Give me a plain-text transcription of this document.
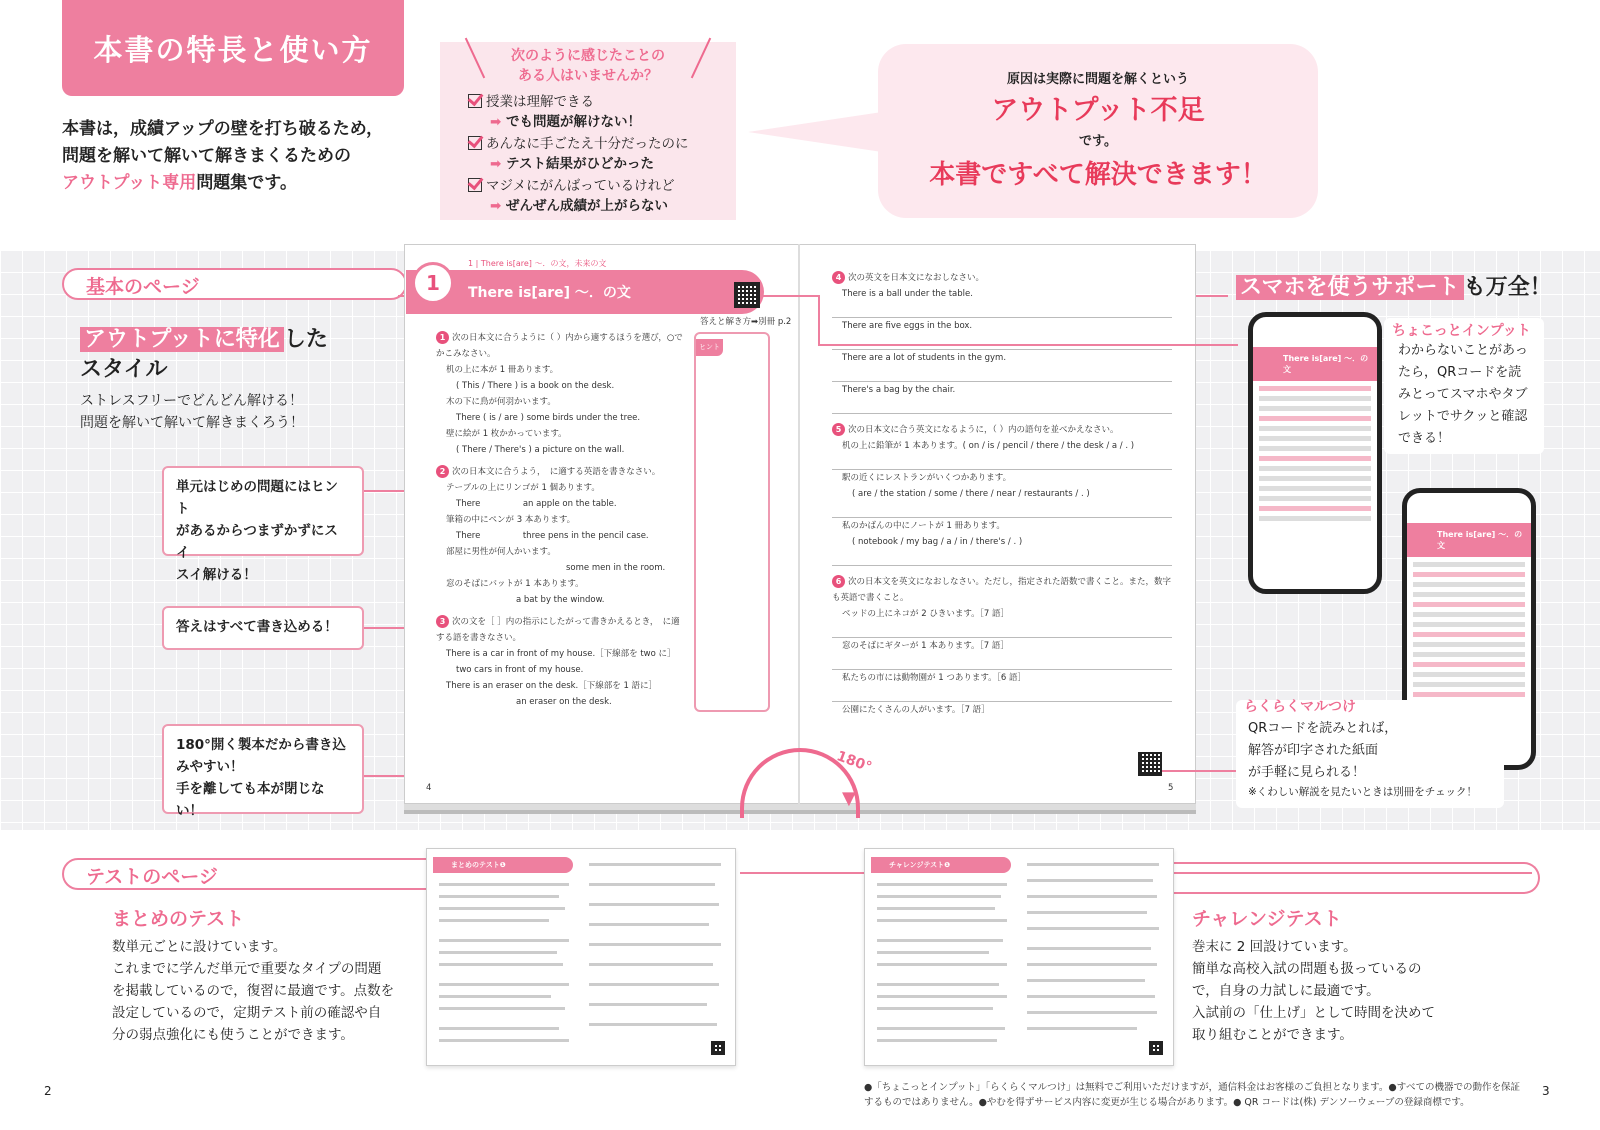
本書の特長と使い方
本書は，成績アップの壁を打ち破るため，
問題を解いて解いて解きまくるための
アウトプット専用問題集です。
次のように感じたことの
ある人はいませんか？
授業は理解できる
➡ でも問題が解けない！
あんなに手ごたえ十分だったのに
➡ テスト結果がひどかった
マジメにがんばっているけれど
➡ ぜんぜん成績が上がらない
原因は実際に問題を解くという
アウトプット不足
です。
本書ですべて解決できます！
基本のページ
アウトプットに特化 した
スタイル
ストレスフリーでどんどん解ける！
問題を解いて解いて解きまくろう！
単元はじめの問題にはヒント
があるからつまずかずにスイ
スイ解ける！
答えはすべて書き込める！
180°開く製本だから書き込
みやすい！
手を離しても本が閉じない！
1 | There is[are] ～．の文，未来の文
1	There is[are] ～．の文
答えと解き方➡別冊 p.2
ヒント
1 次の日本文に合うように（ ）内から適するほうを選び，○でかこみなさい。
机の上に本が 1 冊あります。
( This / There ) is a book on the desk.
木の下に鳥が何羽かいます。
There ( is / are ) some birds under the tree.
壁に絵が 1 枚かかっています。
( There / There's ) a picture on the wall.
2 次の日本文に合うよう，　に適する英語を書きなさい。
テーブルの上にリンゴが 1 個あります。
There　　　　　an apple on the table.
筆箱の中にペンが 3 本あります。
There　　　　　three pens in the pencil case.
部屋に男性が何人かいます。
some men in the room.
窓のそばにバットが 1 本あります。
a bat by the window.
3 次の文を［ ］内の指示にしたがって書きかえるとき，　に適する語を書きなさい。
There is a car in front of my house.［下線部を two に］
two cars in front of my house.
There is an eraser on the desk.［下線部を 1 語に］
an eraser on the desk.
4 次の英文を日本文になおしなさい。
There is a ball under the table.
There are five eggs in the box.
There are a lot of students in the gym.
There's a bag by the chair.
5 次の日本文に合う英文になるように，（ ）内の語句を並べかえなさい。
机の上に鉛筆が 1 本あります。( on / is / pencil / there / the desk / a / . )
駅の近くにレストランがいくつかあります。
( are / the station / some / there / near / restaurants / . )
私のかばんの中にノートが 1 冊あります。
( notebook / my bag / a / in / there's / . )
6 次の日本文を英文になおしなさい。ただし，指定された語数で書くこと。また，数字も英語で書くこと。
ベッドの上にネコが 2 ひきいます。［7 語］
窓のそばにギターが 1 本あります。［7 語］
私たちの市には動物園が 1 つあります。［6 語］
公園にたくさんの人がいます。［7 語］
4	5
▼
180°
スマホを使うサポート も万全！
ちょこっとインプット
わからないことがあっ
たら，QRコードを読
みとってスマホやタブ
レットでサクッと確認
できる！
There is[are] ～．の文
There is[are] ～．の文
らくらくマルつけ
QRコードを読みとれば，
解答が印字された紙面
が手軽に見られる！
※くわしい解説を見たいときは別冊をチェック！
テストのページ
まとめのテスト
数単元ごとに設けています。
これまでに学んだ単元で重要なタイプの問題
を掲載しているので，復習に最適です。点数を
設定しているので，定期テスト前の確認や自
分の弱点強化にも使うことができます。
まとめのテスト❶	チャレンジテスト❶
チャレンジテスト
巻末に 2 回設けています。
簡単な高校入試の問題も扱っているの
で，自身の力試しに最適です。
入試前の「仕上げ」として時間を決めて
取り組むことができます。
●「ちょこっとインプット」「らくらくマルつけ」は無料でご利用いただけますが，通信料金はお客様のご負担となります。●すべての機器での動作を保証するものではありません。●やむを得ずサービス内容に変更が生じる場合があります。● QR コードは(株) デンソーウェーブの登録商標です。
2	3
